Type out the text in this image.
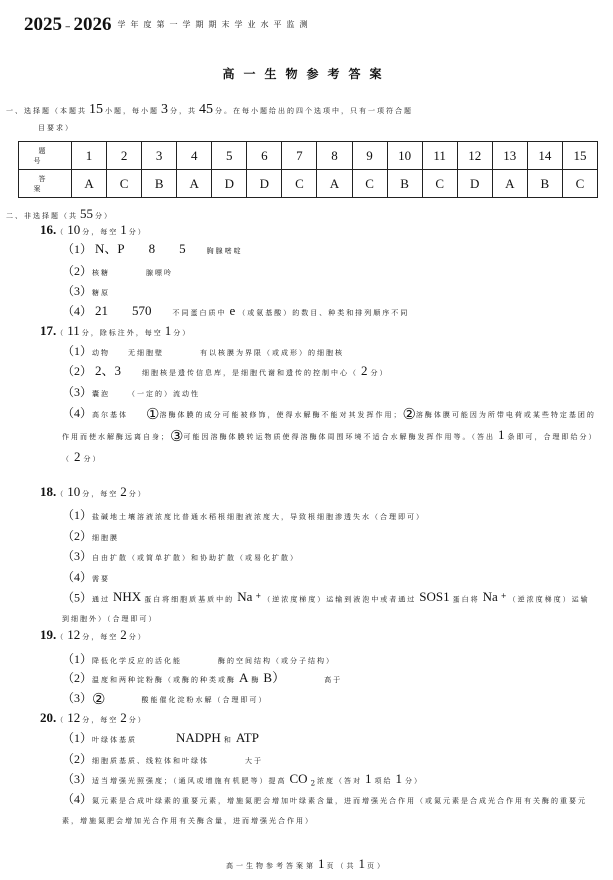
2025 – 2026 学年度第一学期期末学业水平监测
高一生物参考答案
一、选择题（本题共 15 小题，每小题 3 分，共 45 分。在每小题给出的四个选项中，只有一项符合题
目要求）
题号	1	2	3	4	5	6	7	8	9	10	11	12	13	14	15
答案	A	C	B	A	D	D	C	A	C	B	C	D	A	B	C
二、非选择题（共 55 分）
16.（ 10 分，每空 1 分）
（1） N、P 8 5	胸腺嘧啶
（2）核糖	腺嘌呤
（3）糖原
（4） 21 570	不同蛋白质中 e （或氨基酸）的数目、种类和排列顺序不同
17.（ 11 分，除标注外，每空 1 分）
（1）动物	无细胞壁	有以核膜为界限（或成形）的细胞核
（2） 2、3	细胞核是遗传信息库，是细胞代谢和遗传的控制中心（ 2 分）
（3）囊泡	（一定的）流动性
（4）高尔基体 ①溶酶体膜的成分可能被修饰，使得水解酶不能对其发挥作用；②溶酶体膜可能因为所带电荷或某些特定基团的作用而使水解酶远离自身；③可能因溶酶体膜转运物质使得溶酶体周围环境不适合水解酶发挥作用等。（答出 1 条即可，合理即给分）（ 2 分）
18.（ 10 分，每空 2 分）
（1）盐碱地土壤溶液浓度比普通水稻根细胞液浓度大，导致根细胞渗透失水（合理即可）
（2）细胞膜
（3）自由扩散（或简单扩散）和协助扩散（或易化扩散）
（4）需要
（5）通过 NHX 蛋白将细胞质基质中的 Na +（逆浓度梯度）运输到液泡中或者通过 SOS1 蛋白将 Na +（逆浓度梯度）运输到细胞外）（合理即可）
19.（ 12 分，每空 2 分）
（1）降低化学反应的活化能	酶的空间结构（或分子结构）
（2）温度和两种淀粉酶（或酶的种类或酶 A 酶 B）	高于
（3）②	酸能催化淀粉水解（合理即可）
20.（ 12 分，每空 2 分）
（1）叶绿体基质	NADPH 和 ATP
（2）细胞质基质、线粒体和叶绿体	大于
（3）适当增强光照强度；（通风或增施有机肥等）提高 CO $_2$浓度（答对 1 项给 1 分）
（4）氮元素是合成叶绿素的重要元素，增施氮肥会增加叶绿素含量，进而增强光合作用（或氮元素是合成光合作用有关酶的重要元素，增施氮肥会增加光合作用有关酶含量，进而增强光合作用）
高一生物参考答案第 1 页（共 1 页）
